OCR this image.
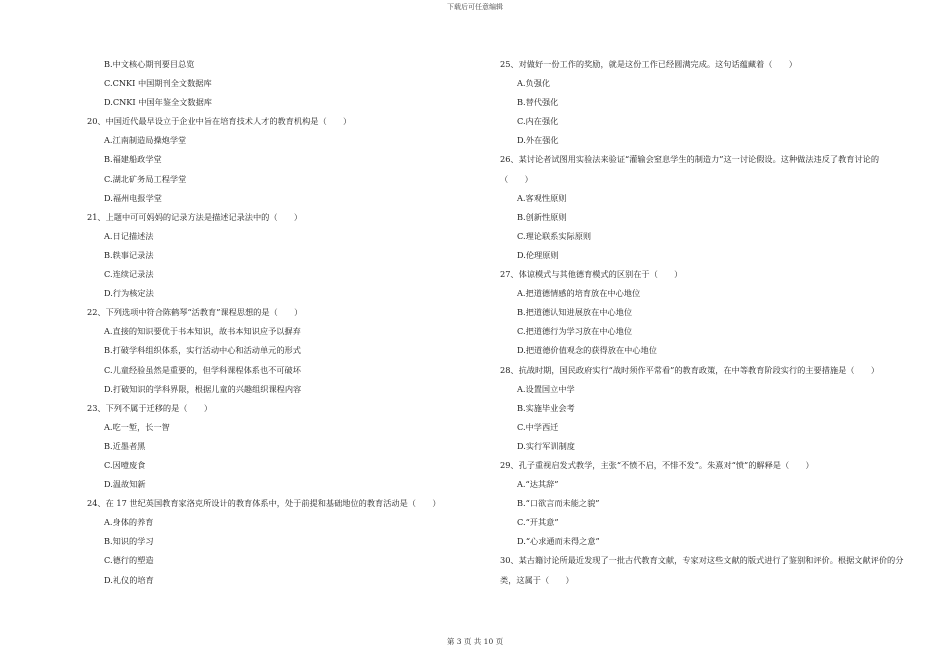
下载后可任意编辑
B.中文核心期刊要目总览
C.CNKI 中国期刊全文数据库
D.CNKI 中国年鉴全文数据库
20、中国近代最早设立于企业中旨在培育技术人才的教育机构是（　　）
A.江南制造局操炮学堂
B.福建船政学堂
C.湖北矿务局工程学堂
D.福州电报学堂
21、上题中可可妈妈的记录方法是描述记录法中的（　　）
A.日记描述法
B.轶事记录法
C.连续记录法
D.行为核定法
22、下列选项中符合陈鹤琴“活教育”课程思想的是（　　）
A.直接的知识要优于书本知识，故书本知识应予以摒弃
B.打破学科组织体系，实行活动中心和活动单元的形式
C.儿童经验虽然是重要的，但学科课程体系也不可破坏
D.打破知识的学科界限，根据儿童的兴趣组织课程内容
23、下列不属于迁移的是（　　）
A.吃一堑，长一智
B.近墨者黑
C.因噎废食
D.温故知新
24、在 17 世纪英国教育家洛克所设计的教育体系中，处于前提和基础地位的教育活动是（　　）
A.身体的养育
B.知识的学习
C.德行的塑造
D.礼仪的培育
25、对做好一份工作的奖励，就是这份工作已经圆满完成。这句话蕴藏着（　　）
A.负强化
B.替代强化
C.内在强化
D.外在强化
26、某讨论者试图用实验法来验证“灌输会窒息学生的制造力”这一讨论假设。这种做法违反了教育讨论的（　　）
A.客观性原则
B.创新性原则
C.理论联系实际原则
D.伦理原则
27、体谅模式与其他德育模式的区别在于（　　）
A.把道德情感的培育放在中心地位
B.把道德认知进展放在中心地位
C.把道德行为学习放在中心地位
D.把道德价值观念的获得放在中心地位
28、抗战时期，国民政府实行“战时须作平常看”的教育政策，在中等教育阶段实行的主要措施是（　　）
A.设置国立中学
B.实施毕业会考
C.中学西迁
D.实行军训制度
29、孔子重视启发式教学，主张“不愤不启，不悱不发”。朱熹对“愤”的解释是（　　）
A.“达其辞”
B.“口欲言而未能之貌”
C.“开其意”
D.“心求通而未得之意”
30、某古籍讨论所最近发现了一批古代教育文献，专家对这些文献的版式进行了鉴别和评价。根据文献评价的分类，这属于（　　）
第 3 页 共 10 页
